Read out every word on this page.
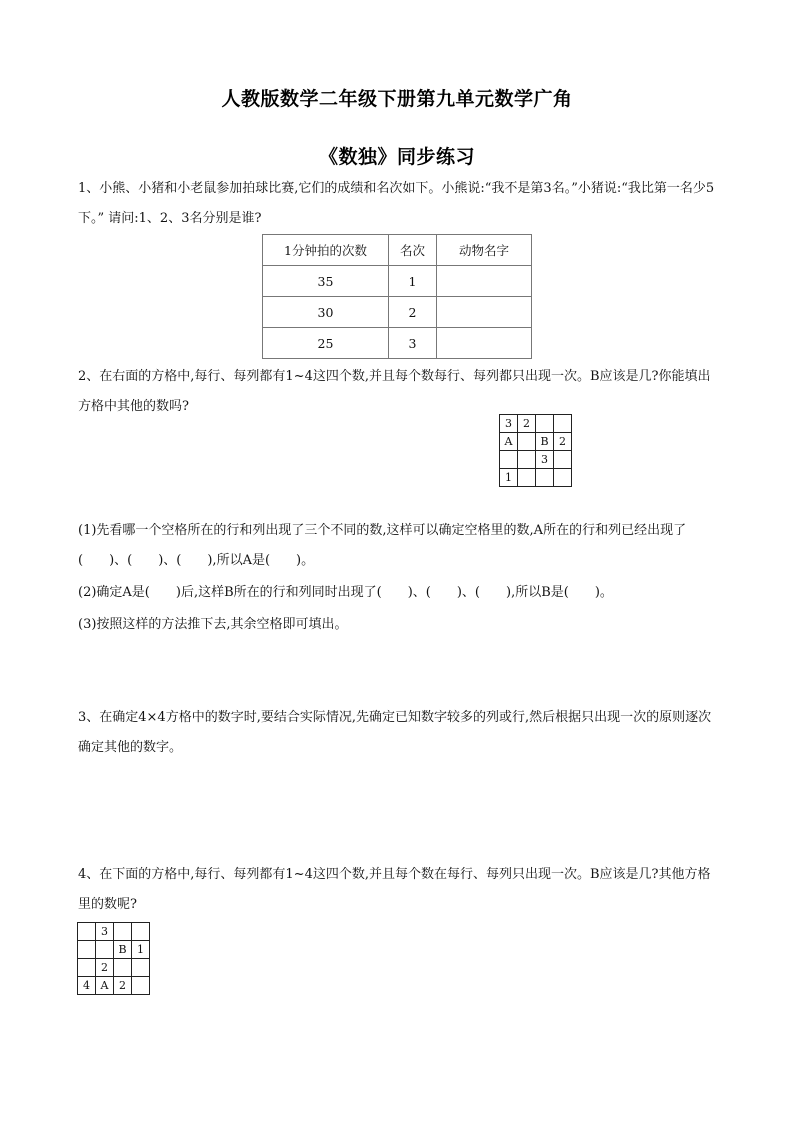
人教版数学二年级下册第九单元数学广角
《数独》同步练习
1、小熊、小猪和小老鼠参加拍球比赛,它们的成绩和名次如下。小熊说:“我不是第3名。”小猪说:“我比第一名少5下。” 请问:1、2、3名分别是谁?
1分钟拍的次数	名次	动物名字
35	1	
30	2	
25	3	
2、在右面的方格中,每行、每列都有1~4这四个数,并且每个数每行、每列都只出现一次。B应该是几?你能填出方格中其他的数吗?
3	2		
A		B	2
		3	
1			
(1)先看哪一个空格所在的行和列出现了三个不同的数,这样可以确定空格里的数,A所在的行和列已经出现了(　　)、(　　)、(　　),所以A是(　　)。
(2)确定A是(　　)后,这样B所在的行和列同时出现了(　　)、(　　)、(　　),所以B是(　　)。
(3)按照这样的方法推下去,其余空格即可填出。
3、在确定4×4方格中的数字时,要结合实际情况,先确定已知数字较多的列或行,然后根据只出现一次的原则逐次确定其他的数字。
4、在下面的方格中,每行、每列都有1~4这四个数,并且每个数在每行、每列只出现一次。B应该是几?其他方格里的数呢?
	3		
		B	1
	2		
4	A	2	
